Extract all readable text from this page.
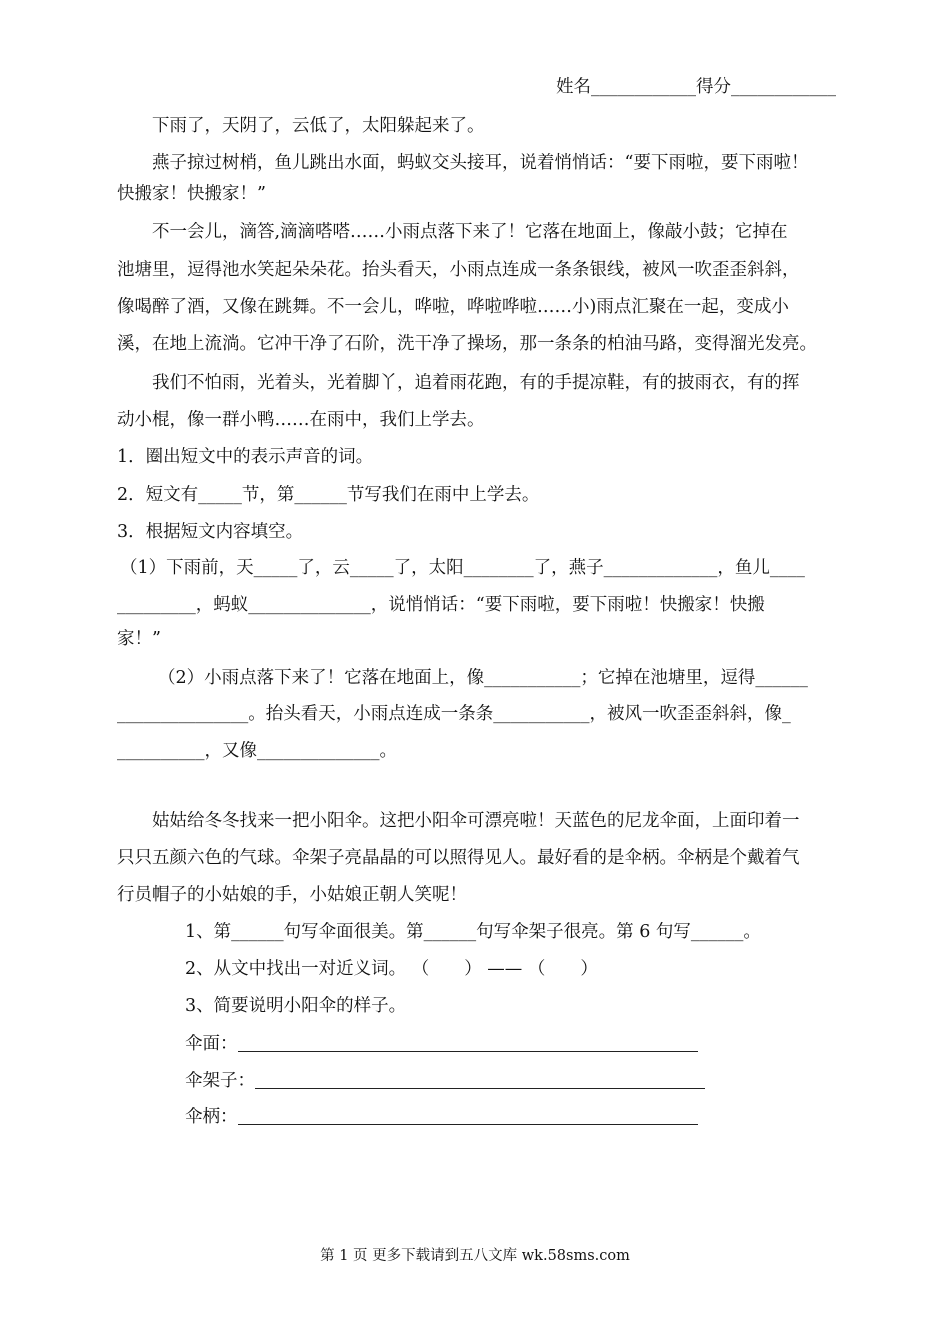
姓名____________得分____________
下雨了，天阴了，云低了，太阳躲起来了。
燕子掠过树梢，鱼儿跳出水面，蚂蚁交头接耳，说着悄悄话：“要下雨啦，要下雨啦！
快搬家！快搬家！”
不一会儿，滴答,滴滴嗒嗒……小雨点落下来了！它落在地面上，像敲小鼓；它掉在
池塘里，逗得池水笑起朵朵花。抬头看天，小雨点连成一条条银线，被风一吹歪歪斜斜，
像喝醉了酒，又像在跳舞。不一会儿，哗啦，哗啦哗啦……小)雨点汇聚在一起，变成小
溪，在地上流淌。它冲干净了石阶，洗干净了操场，那一条条的柏油马路，变得溜光发亮。
我们不怕雨，光着头，光着脚丫，追着雨花跑，有的手提凉鞋，有的披雨衣，有的挥
动小棍，像一群小鸭……在雨中，我们上学去。
1．圈出短文中的表示声音的词。
2．短文有_____节，第______节写我们在雨中上学去。
3．根据短文内容填空。
（1）下雨前，天_____了，云_____了，太阳________了，燕子_____________，鱼儿____
_________，蚂蚁______________，说悄悄话：“要下雨啦，要下雨啦！快搬家！快搬
家！”
（2）小雨点落下来了！它落在地面上，像___________；它掉在池塘里，逗得______
_______________。抬头看天，小雨点连成一条条___________，被风一吹歪歪斜斜，像_
__________，又像______________。
姑姑给冬冬找来一把小阳伞。这把小阳伞可漂亮啦！天蓝色的尼龙伞面，上面印着一
只只五颜六色的气球。伞架子亮晶晶的可以照得见人。最好看的是伞柄。伞柄是个戴着气
行员帽子的小姑娘的手，小姑娘正朝人笑呢！
1、第______句写伞面很美。第______句写伞架子很亮。第 6 句写______。
2、从文中找出一对近义词。 （　　） —— （　　）
3、简要说明小阳伞的样子。
伞面：
伞架子：
伞柄：
第 1 页 更多下载请到五八文库 wk.58sms.com
